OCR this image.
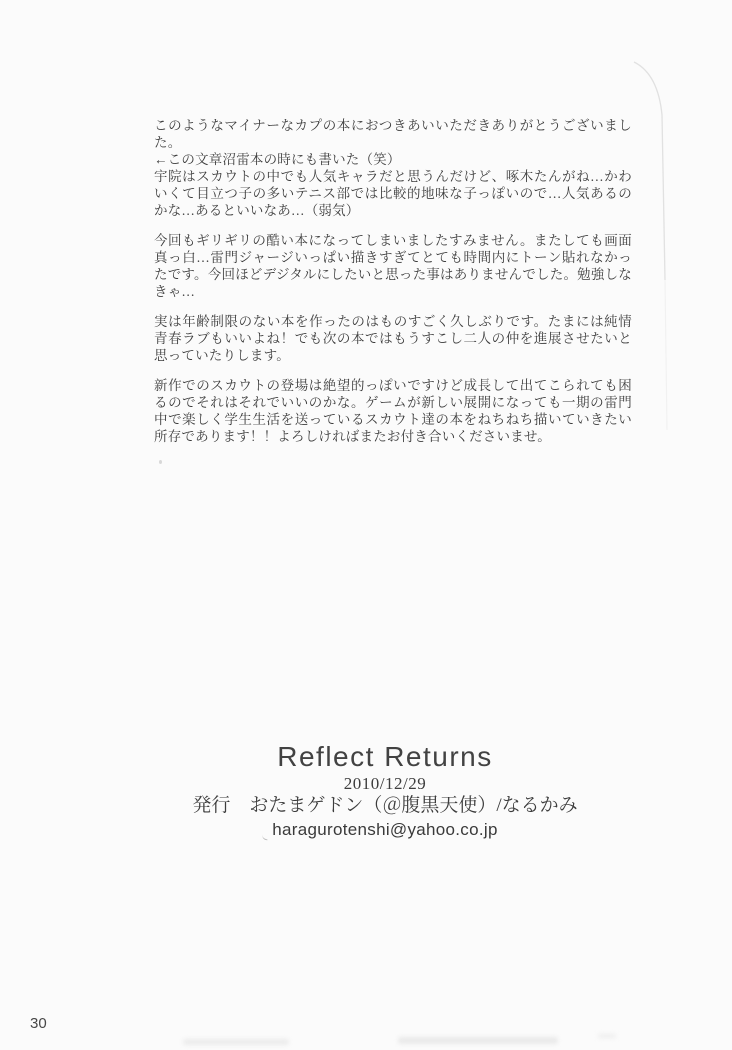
このようなマイナーなカプの本におつきあいいただきありがとうございました。
←この文章沼雷本の時にも書いた（笑）
宇院はスカウトの中でも人気キャラだと思うんだけど、啄木たんがね…かわいくて目立つ子の多いテニス部では比較的地味な子っぽいので…人気あるのかな…あるといいなあ…（弱気）
今回もギリギリの酷い本になってしまいましたすみません。またしても画面真っ白…雷門ジャージいっぱい描きすぎてとても時間内にトーン貼れなかったです。今回ほどデジタルにしたいと思った事はありませんでした。勉強しなきゃ…
実は年齢制限のない本を作ったのはものすごく久しぶりです。たまには純情青春ラブもいいよね！でも次の本ではもうすこし二人の仲を進展させたいと思っていたりします。
新作でのスカウトの登場は絶望的っぽいですけど成長して出てこられても困るのでそれはそれでいいのかな。ゲームが新しい展開になっても一期の雷門中で楽しく学生生活を送っているスカウト達の本をねちねち描いていきたい所存であります！！よろしければまたお付き合いくださいませ。
Reflect Returns
2010/12/29
発行　おたまゲドン（＠腹黒天使）/なるかみ
haragurotenshi@yahoo.co.jp
30
